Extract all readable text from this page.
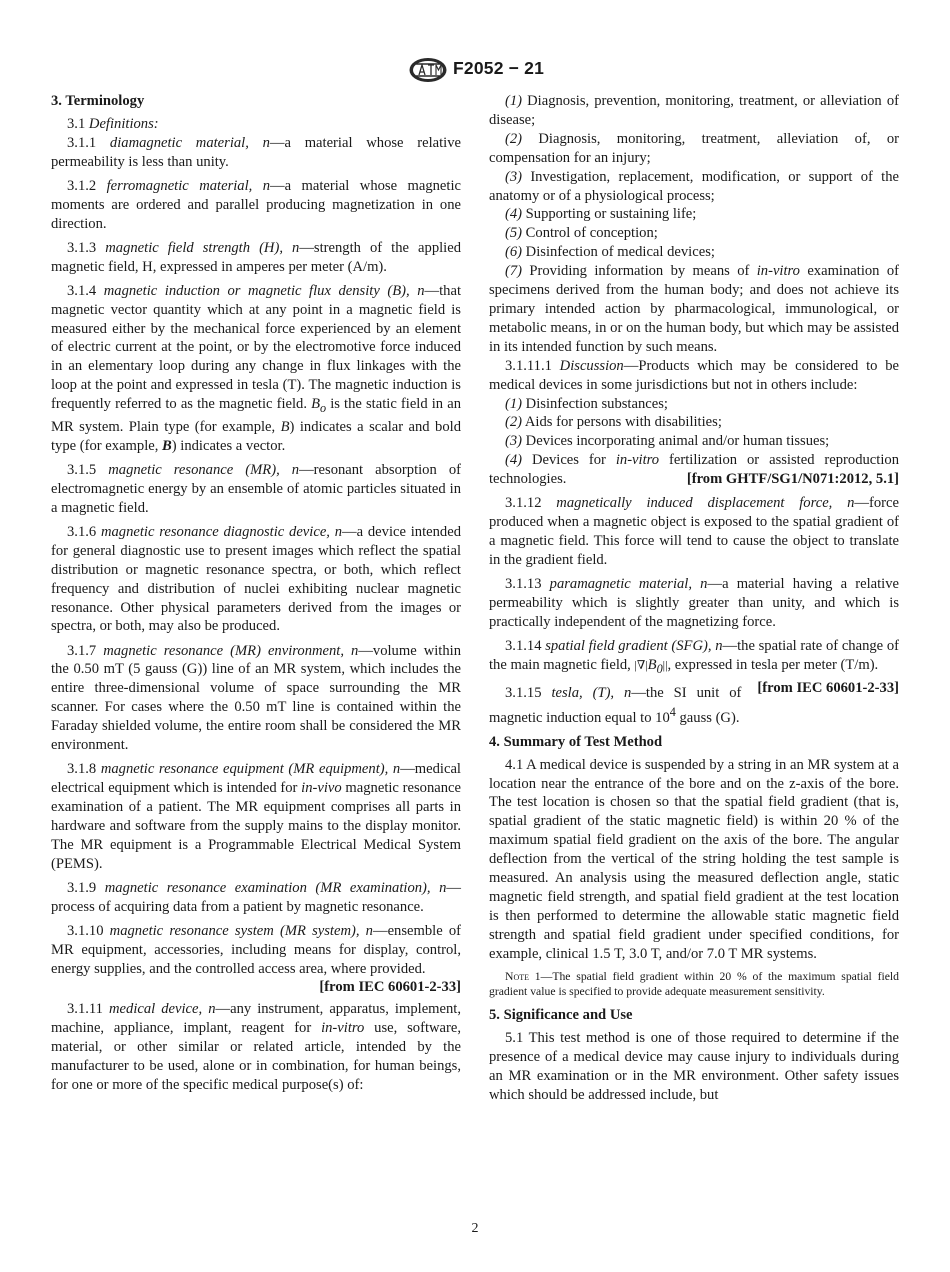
F2052 − 21
3. Terminology

3.1 Definitions:

3.1.1 diamagnetic material, n—a material whose relative permeability is less than unity.

3.1.2 ferromagnetic material, n—a material whose magnetic moments are ordered and parallel producing magnetization in one direction.

3.1.3 magnetic field strength (H), n—strength of the applied magnetic field, H, expressed in amperes per meter (A/m).

3.1.4 magnetic induction or magnetic flux density (B), n—that magnetic vector quantity which at any point in a magnetic field is measured either by the mechanical force experienced by an element of electric current at the point, or by the electromotive force induced in an elementary loop during any change in flux linkages with the loop at the point and expressed in tesla (T). The magnetic induction is frequently referred to as the magnetic field. $B_o$ is the static field in an MR system. Plain type (for example, B) indicates a scalar and bold type (for example, B) indicates a vector.

3.1.5 magnetic resonance (MR), n—resonant absorption of electromagnetic energy by an ensemble of atomic particles situated in a magnetic field.

3.1.6 magnetic resonance diagnostic device, n—a device intended for general diagnostic use to present images which reflect the spatial distribution or magnetic resonance spectra, or both, which reflect frequency and distribution of nuclei exhibiting nuclear magnetic resonance. Other physical parameters derived from the images or spectra, or both, may also be produced.

3.1.7 magnetic resonance (MR) environment, n—volume within the 0.50 mT (5 gauss (G)) line of an MR system, which includes the entire three-dimensional volume of space surrounding the MR scanner. For cases where the 0.50 mT line is contained within the Faraday shielded volume, the entire room shall be considered the MR environment.

3.1.8 magnetic resonance equipment (MR equipment), n—medical electrical equipment which is intended for in-vivo magnetic resonance examination of a patient. The MR equipment comprises all parts in hardware and software from the supply mains to the display monitor. The MR equipment is a Programmable Electrical Medical System (PEMS).

3.1.9 magnetic resonance examination (MR examination), n—process of acquiring data from a patient by magnetic resonance.

3.1.10 magnetic resonance system (MR system), n—ensemble of MR equipment, accessories, including means for display, control, energy supplies, and the controlled access area, where provided.

[from IEC 60601-2-33]

3.1.11 medical device, n—any instrument, apparatus, implement, machine, appliance, implant, reagent for in-vitro use, software, material, or other similar or related article, intended by the manufacturer to be used, alone or in combination, for human beings, for one or more of the specific medical purpose(s) of:

(1) Diagnosis, prevention, monitoring, treatment, or alleviation of disease;

(2) Diagnosis, monitoring, treatment, alleviation of, or compensation for an injury;

(3) Investigation, replacement, modification, or support of the anatomy or of a physiological process;

(4) Supporting or sustaining life;

(5) Control of conception;

(6) Disinfection of medical devices;

(7) Providing information by means of in-vitro examination of specimens derived from the human body; and does not achieve its primary intended action by pharmacological, immunological, or metabolic means, in or on the human body, but which may be assisted in its intended function by such means.

3.1.11.1 Discussion—Products which may be considered to be medical devices in some jurisdictions but not in others include:

(1) Disinfection substances;

(2) Aids for persons with disabilities;

(3) Devices incorporating animal and/or human tissues;

(4) Devices for in-vitro fertilization or assisted reproduction technologies.	[from GHTF/SG1/N071:2012, 5.1]

3.1.12 magnetically induced displacement force, n—force produced when a magnetic object is exposed to the spatial gradient of a magnetic field. This force will tend to cause the object to translate in the gradient field.

3.1.13 paramagnetic material, n—a material having a relative permeability which is slightly greater than unity, and which is practically independent of the magnetizing force.

3.1.14 spatial field gradient (SFG), n—the spatial rate of change of the main magnetic field, $|\nabla|B_0||$, expressed in tesla per meter (T/m).
[from IEC 60601-2-33]

3.1.15 tesla, (T), n—the SI unit of magnetic induction equal to $10^4$ gauss (G).

4. Summary of Test Method

4.1 A medical device is suspended by a string in an MR system at a location near the entrance of the bore and on the z-axis of the bore. The test location is chosen so that the spatial field gradient (that is, spatial gradient of the static magnetic field) is within 20 % of the maximum spatial field gradient on the axis of the bore. The angular deflection from the vertical of the string holding the test sample is measured. An analysis using the measured deflection angle, static magnetic field strength, and spatial field gradient at the test location is then performed to determine the allowable static magnetic field strength and spatial field gradient under specified conditions, for example, clinical 1.5 T, 3.0 T, and/or 7.0 T MR systems.

Note 1—The spatial field gradient within 20 % of the maximum spatial field gradient value is specified to provide adequate measurement sensitivity.

5. Significance and Use

5.1 This test method is one of those required to determine if the presence of a medical device may cause injury to individuals during an MR examination or in the MR environment. Other safety issues which should be addressed include, but

2
